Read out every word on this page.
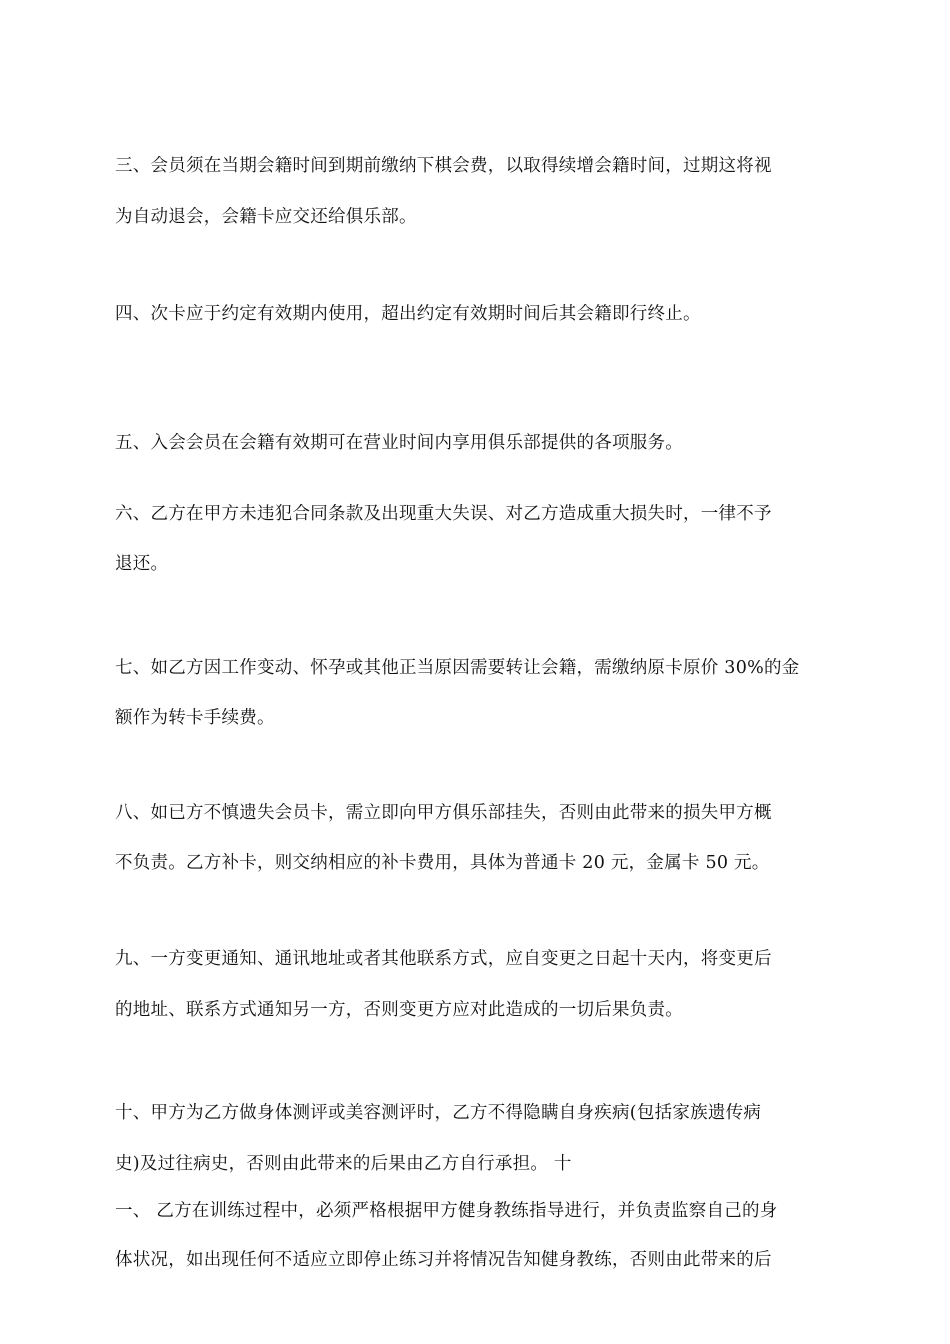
三、会员须在当期会籍时间到期前缴纳下棋会费，以取得续增会籍时间，过期这将视
为自动退会，会籍卡应交还给俱乐部。
四、次卡应于约定有效期内使用，超出约定有效期时间后其会籍即行终止。
五、入会会员在会籍有效期可在营业时间内享用俱乐部提供的各项服务。
六、乙方在甲方未违犯合同条款及出现重大失误、对乙方造成重大损失时，一律不予
退还。
七、如乙方因工作变动、怀孕或其他正当原因需要转让会籍，需缴纳原卡原价 30%的金
额作为转卡手续费。
八、如已方不慎遗失会员卡，需立即向甲方俱乐部挂失，否则由此带来的损失甲方概
不负责。乙方补卡，则交纳相应的补卡费用，具体为普通卡 20 元，金属卡 50 元。
九、一方变更通知、通讯地址或者其他联系方式，应自变更之日起十天内，将变更后
的地址、联系方式通知另一方，否则变更方应对此造成的一切后果负责。
十、甲方为乙方做身体测评或美容测评时，乙方不得隐瞒自身疾病(包括家族遗传病
史)及过往病史，否则由此带来的后果由乙方自行承担。 十
一、 乙方在训练过程中，必须严格根据甲方健身教练指导进行，并负责监察自己的身
体状况，如出现任何不适应立即停止练习并将情况告知健身教练，否则由此带来的后
